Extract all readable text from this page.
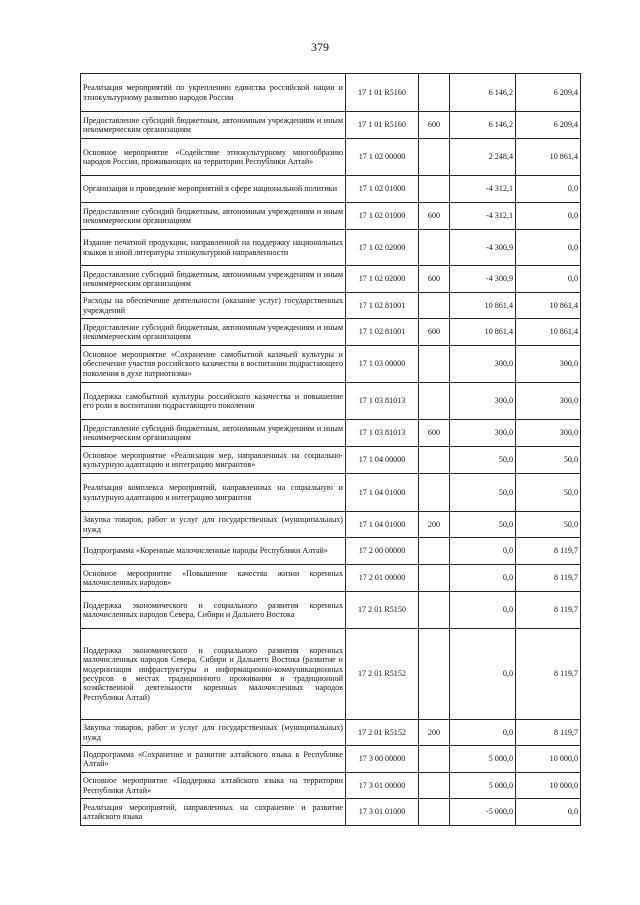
379
Реализация мероприятий по укреплению единства российской нации и этнокультурному развитию народов России	17 1 01 R5160		6 146,2	6 209,4
Предоставление субсидий бюджетным, автономным учреждениям и иным некоммерческим организациям	17 1 01 R5160	600	6 146,2	6 209,4
Основное мероприятие «Содействие этнокультурному многообразию народов России, проживающих на территории Республики Алтай»	17 1 02 00000		2 248,4	10 861,4
Организация и проведение мероприятий в сфере национальной политики	17 1 02 01000		-4 312,1	0,0
Предоставление субсидий бюджетным, автономным учреждениям и иным некоммерческим организациям	17 1 02 01000	600	-4 312,1	0,0
Издание печатной продукции, направленной на поддержку национальных языков и иной литературы этнокультурной направленности	17 1 02 02000		-4 300,9	0,0
Предоставление субсидий бюджетным, автономным учреждениям и иным некоммерческим организациям	17 1 02 02000	600	-4 300,9	0,0
Расходы на обеспечение деятельности (оказание услуг) государственных учреждений	17 1 02 81001		10 861,4	10 861,4
Предоставление субсидий бюджетным, автономным учреждениям и иным некоммерческим организациям	17 1 02 81001	600	10 861,4	10 861,4
Основное мероприятие «Сохранение самобытной казачьей культуры и обеспечение участия российского казачества в воспитании подрастающего поколения в духе патриотизма»	17 1 03 00000		300,0	300,0
Поддержка самобытной культуры российского казачества и повышение его роли в воспитании подрастающего поколения	17 1 03 81013		300,0	300,0
Предоставление субсидий бюджетным, автономным учреждениям и иным некоммерческим организациям	17 1 03 81013	600	300,0	300,0
Основное мероприятие «Реализация мер, направленных на социально-культурную адаптацию и интеграцию мигрантов»	17 1 04 00000		50,0	50,0
Реализация комплекса мероприятий, направленных на социальную и культурную адаптацию и интеграцию мигрантов	17 1 04 01000		50,0	50,0
Закупка товаров, работ и услуг для государственных (муниципальных) нужд	17 1 04 01000	200	50,0	50,0
Подпрограмма «Коренные малочисленные народы Республики Алтай»	17 2 00 00000		0,0	8 119,7
Основное мероприятие «Повышение качества жизни коренных малочисленных народов»	17 2 01 00000		0,0	8 119,7
Поддержка экономического и социального развития коренных малочисленных народов Севера, Сибири и Дальнего Востока	17 2 01 R5150		0,0	8 119,7
Поддержка экономического и социального развития коренных малочисленных народов Севера, Сибири и Дальнего Востока (развитие и модернизация инфраструктуры и информационно-коммуникационных ресурсов в местах традиционного проживания и традиционной хозяйственной деятельности коренных малочисленных народов Республики Алтай)	17 2 01 R5152		0,0	8 119,7
Закупка товаров, работ и услуг для государственных (муниципальных) нужд	17 2 01 R5152	200	0,0	8 119,7
Подпрограмма «Сохранение и развитие алтайского языка в Республике Алтай»	17 3 00 00000		5 000,0	10 000,0
Основное мероприятие «Поддержка алтайского языка на территории Республики Алтай»	17 3 01 00000		5 000,0	10 000,0
Реализация мероприятий, направленных на сохранение и развитие алтайского языка	17 3 01 01000		-5 000,0	0,0
